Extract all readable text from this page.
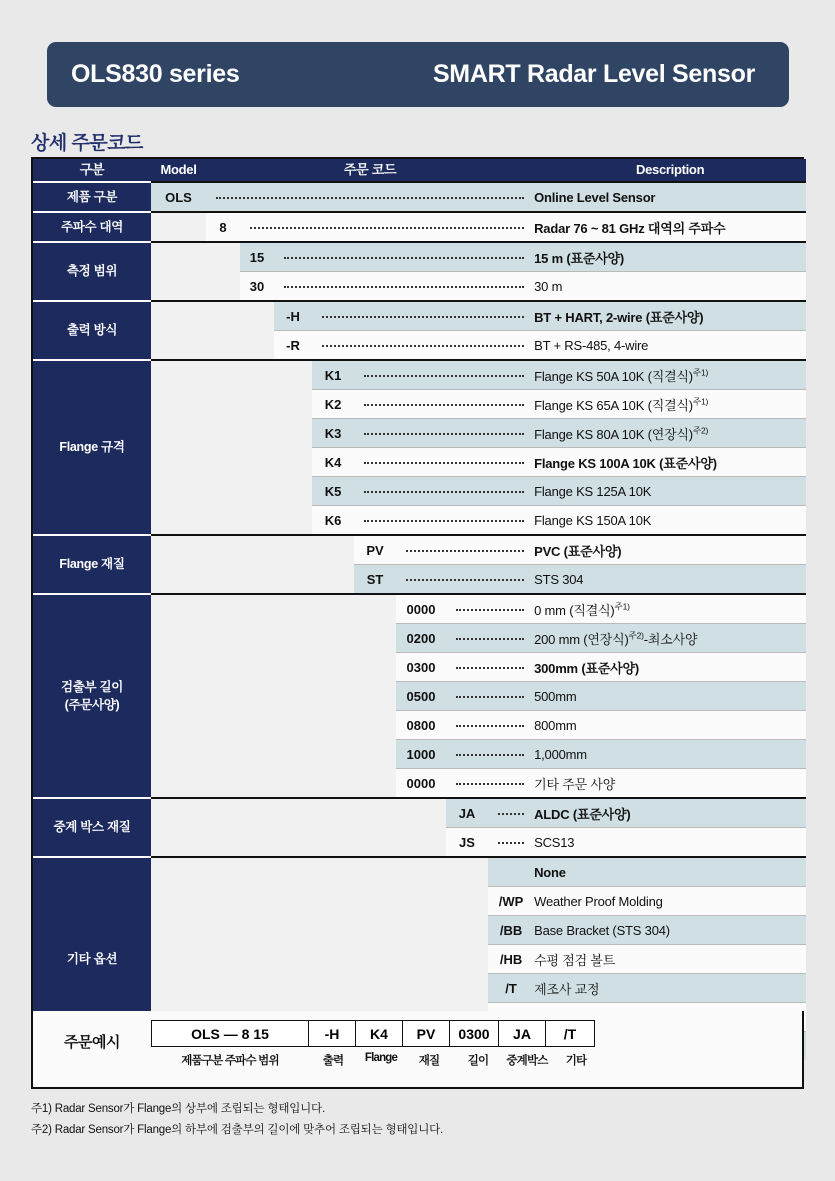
OLS830 series	SMART Radar Level Sensor
상세 주문코드
구분	Model	주문 코드								Description

제품 구분	OLS									Online Level Sensor

주파수 대역		8								Radar 76 ~ 81 GHz 대역의 주파수

측정 범위			15							15 m (표준사양)
			30							30 m

출력 방식				-H						BT + HART, 2-wire (표준사양)
				-R						BT + RS-485, 4-wire

Flange 규격					K1					Flange KS 50A 10K (직결식)$^{주1)}$
					K2					Flange KS 65A 10K (직결식)$^{주1)}$
					K3					Flange KS 80A 10K (연장식)$^{주2)}$
					K4					Flange KS 100A 10K (표준사양)
					K5					Flange KS 125A 10K
					K6					Flange KS 150A 10K

Flange 재질						PV				PVC (표준사양)
						ST				STS 304

검출부 길이
(주문사양)							0000			0 mm (직결식)$^{주1)}$
							0200			200 mm (연장식)$^{주2)}$-최소사양
							0300			300mm (표준사양)
							0500			500mm
							0800			800mm
							1000			1,000mm
							0000			기타 주문 사양

중계 박스 재질								JA		ALDC (표준사양)
								JS		SCS13

기타 옵션										None
									/WP	Weather Proof Molding
									/BB	Base Bracket (STS 304)
									/HB	수평 점검 볼트
									/T	제조사 교정

주문예시	OLS — 8 15	-H	K4	PV	0300	JA	/T
제품구분 주파수 범위	출력	Flange	재질	길이	중계박스	기타
주1) Radar Sensor가 Flange의 상부에 조립되는 형태입니다.
주2) Radar Sensor가 Flange의 하부에 검출부의 길이에 맞추어 조립되는 형태입니다.
